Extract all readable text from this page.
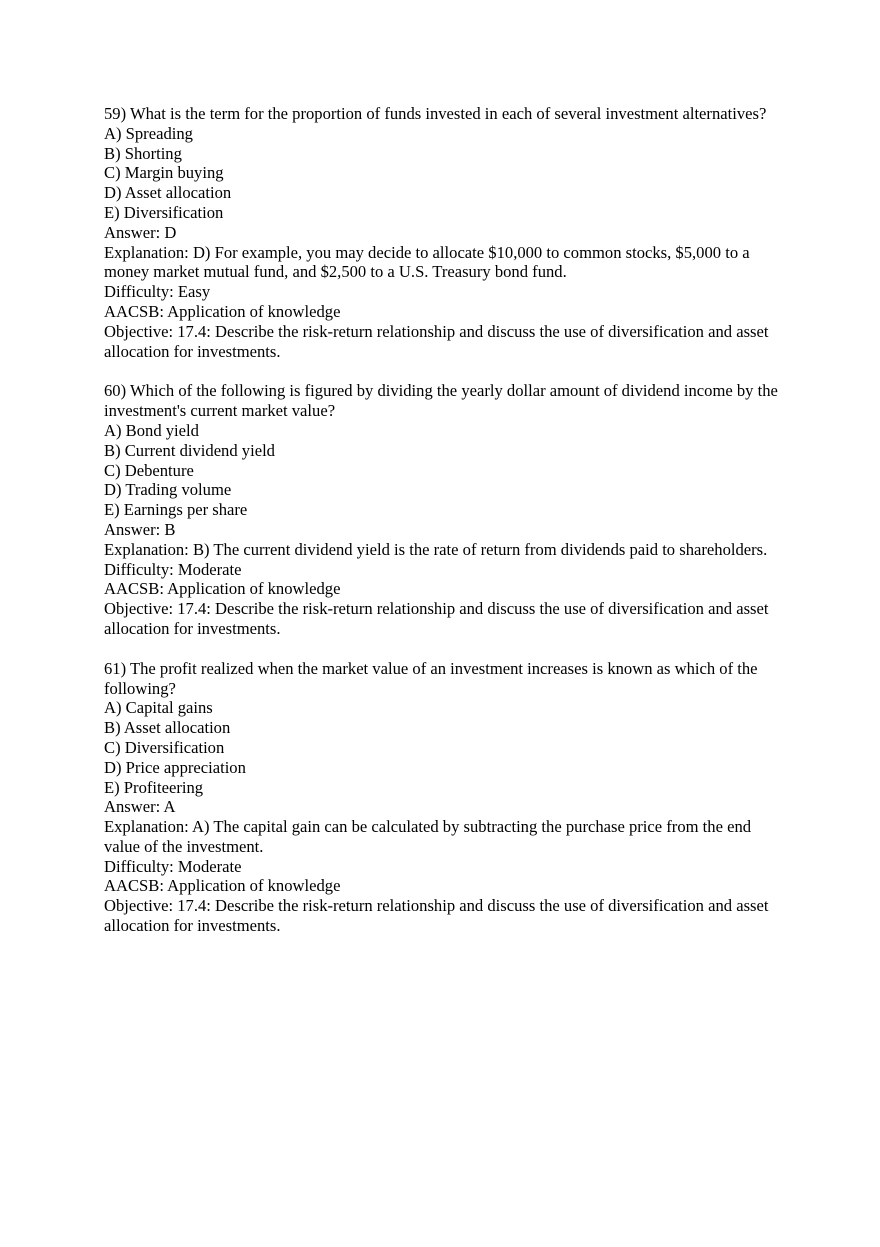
59) What is the term for the proportion of funds invested in each of several investment alternatives?
A) Spreading
B) Shorting
C) Margin buying
D) Asset allocation
E) Diversification
Answer: D
Explanation: D) For example, you may decide to allocate $10,000 to common stocks, $5,000 to a money market mutual fund, and $2,500 to a U.S. Treasury bond fund.
Difficulty: Easy
AACSB: Application of knowledge
Objective: 17.4: Describe the risk-return relationship and discuss the use of diversification and asset allocation for investments.
60) Which of the following is figured by dividing the yearly dollar amount of dividend income by the investment's current market value?
A) Bond yield
B) Current dividend yield
C) Debenture
D) Trading volume
E) Earnings per share
Answer: B
Explanation: B) The current dividend yield is the rate of return from dividends paid to shareholders.
Difficulty: Moderate
AACSB: Application of knowledge
Objective: 17.4: Describe the risk-return relationship and discuss the use of diversification and asset allocation for investments.
61) The profit realized when the market value of an investment increases is known as which of the following?
A) Capital gains
B) Asset allocation
C) Diversification
D) Price appreciation
E) Profiteering
Answer: A
Explanation: A) The capital gain can be calculated by subtracting the purchase price from the end value of the investment.
Difficulty: Moderate
AACSB: Application of knowledge
Objective: 17.4: Describe the risk-return relationship and discuss the use of diversification and asset allocation for investments.
